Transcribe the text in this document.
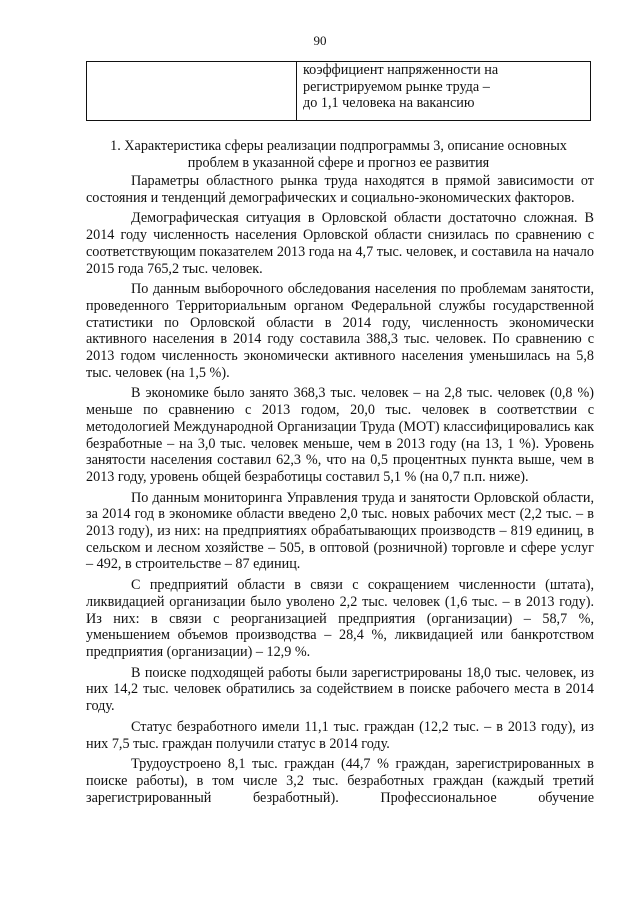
90

коэффициент напряженности на
регистрируемом рынке труда –
до 1,1 человека на вакансию
1. Характеристика сферы реализации подпрограммы 3, описание основных
проблем в указанной сфере и прогноз ее развития

Параметры областного рынка труда находятся в прямой зависимости от состояния и тенденций демографических и социально-экономических факторов.

Демографическая ситуация в Орловской области достаточно сложная. В 2014 году численность населения Орловской области снизилась по сравнению с соответствующим показателем 2013 года на 4,7 тыс. человек, и составила на начало 2015 года 765,2 тыс. человек.

По данным выборочного обследования населения по проблемам занятости, проведенного Территориальным органом Федеральной службы государственной статистики по Орловской области в 2014 году, численность экономически активного населения в 2014 году составила 388,3 тыс. человек. По сравнению с 2013 годом численность экономически активного населения уменьшилась на 5,8 тыс. человек (на 1,5 %).

В экономике было занято 368,3 тыс. человек – на 2,8 тыс. человек (0,8 %) меньше по сравнению с 2013 годом, 20,0 тыс. человек в соответствии с методологией Международной Организации Труда (МОТ) классифицировались как безработные – на 3,0 тыс. человек меньше, чем в 2013 году (на 13, 1 %). Уровень занятости населения составил 62,3 %, что на 0,5 процентных пункта выше, чем в 2013 году, уровень общей безработицы составил 5,1 % (на 0,7 п.п. ниже).

По данным мониторинга Управления труда и занятости Орловской области, за 2014 год в экономике области введено 2,0 тыс. новых рабочих мест (2,2 тыс. – в 2013 году), из них: на предприятиях обрабатывающих производств – 819 единиц, в сельском и лесном хозяйстве – 505, в оптовой (розничной) торговле и сфере услуг – 492, в строительстве – 87 единиц.

С предприятий области в связи с сокращением численности (штата), ликвидацией организации было уволено 2,2 тыс. человек (1,6 тыс. – в 2013 году). Из них: в связи с реорганизацией предприятия (организации) – 58,7 %, уменьшением объемов производства – 28,4 %, ликвидацией или банкротством предприятия (организации) – 12,9 %.

В поиске подходящей работы были зарегистрированы 18,0 тыс. человек, из них 14,2 тыс. человек обратились за содействием в поиске рабочего места в 2014 году.

Статус безработного имели 11,1 тыс. граждан (12,2 тыс. – в 2013 году), из них 7,5 тыс. граждан получили статус в 2014 году.

Трудоустроено 8,1 тыс. граждан (44,7 % граждан, зарегистрированных в поиске работы), в том числе 3,2 тыс. безработных граждан (каждый третий зарегистрированный безработный). Профессиональное обучение
